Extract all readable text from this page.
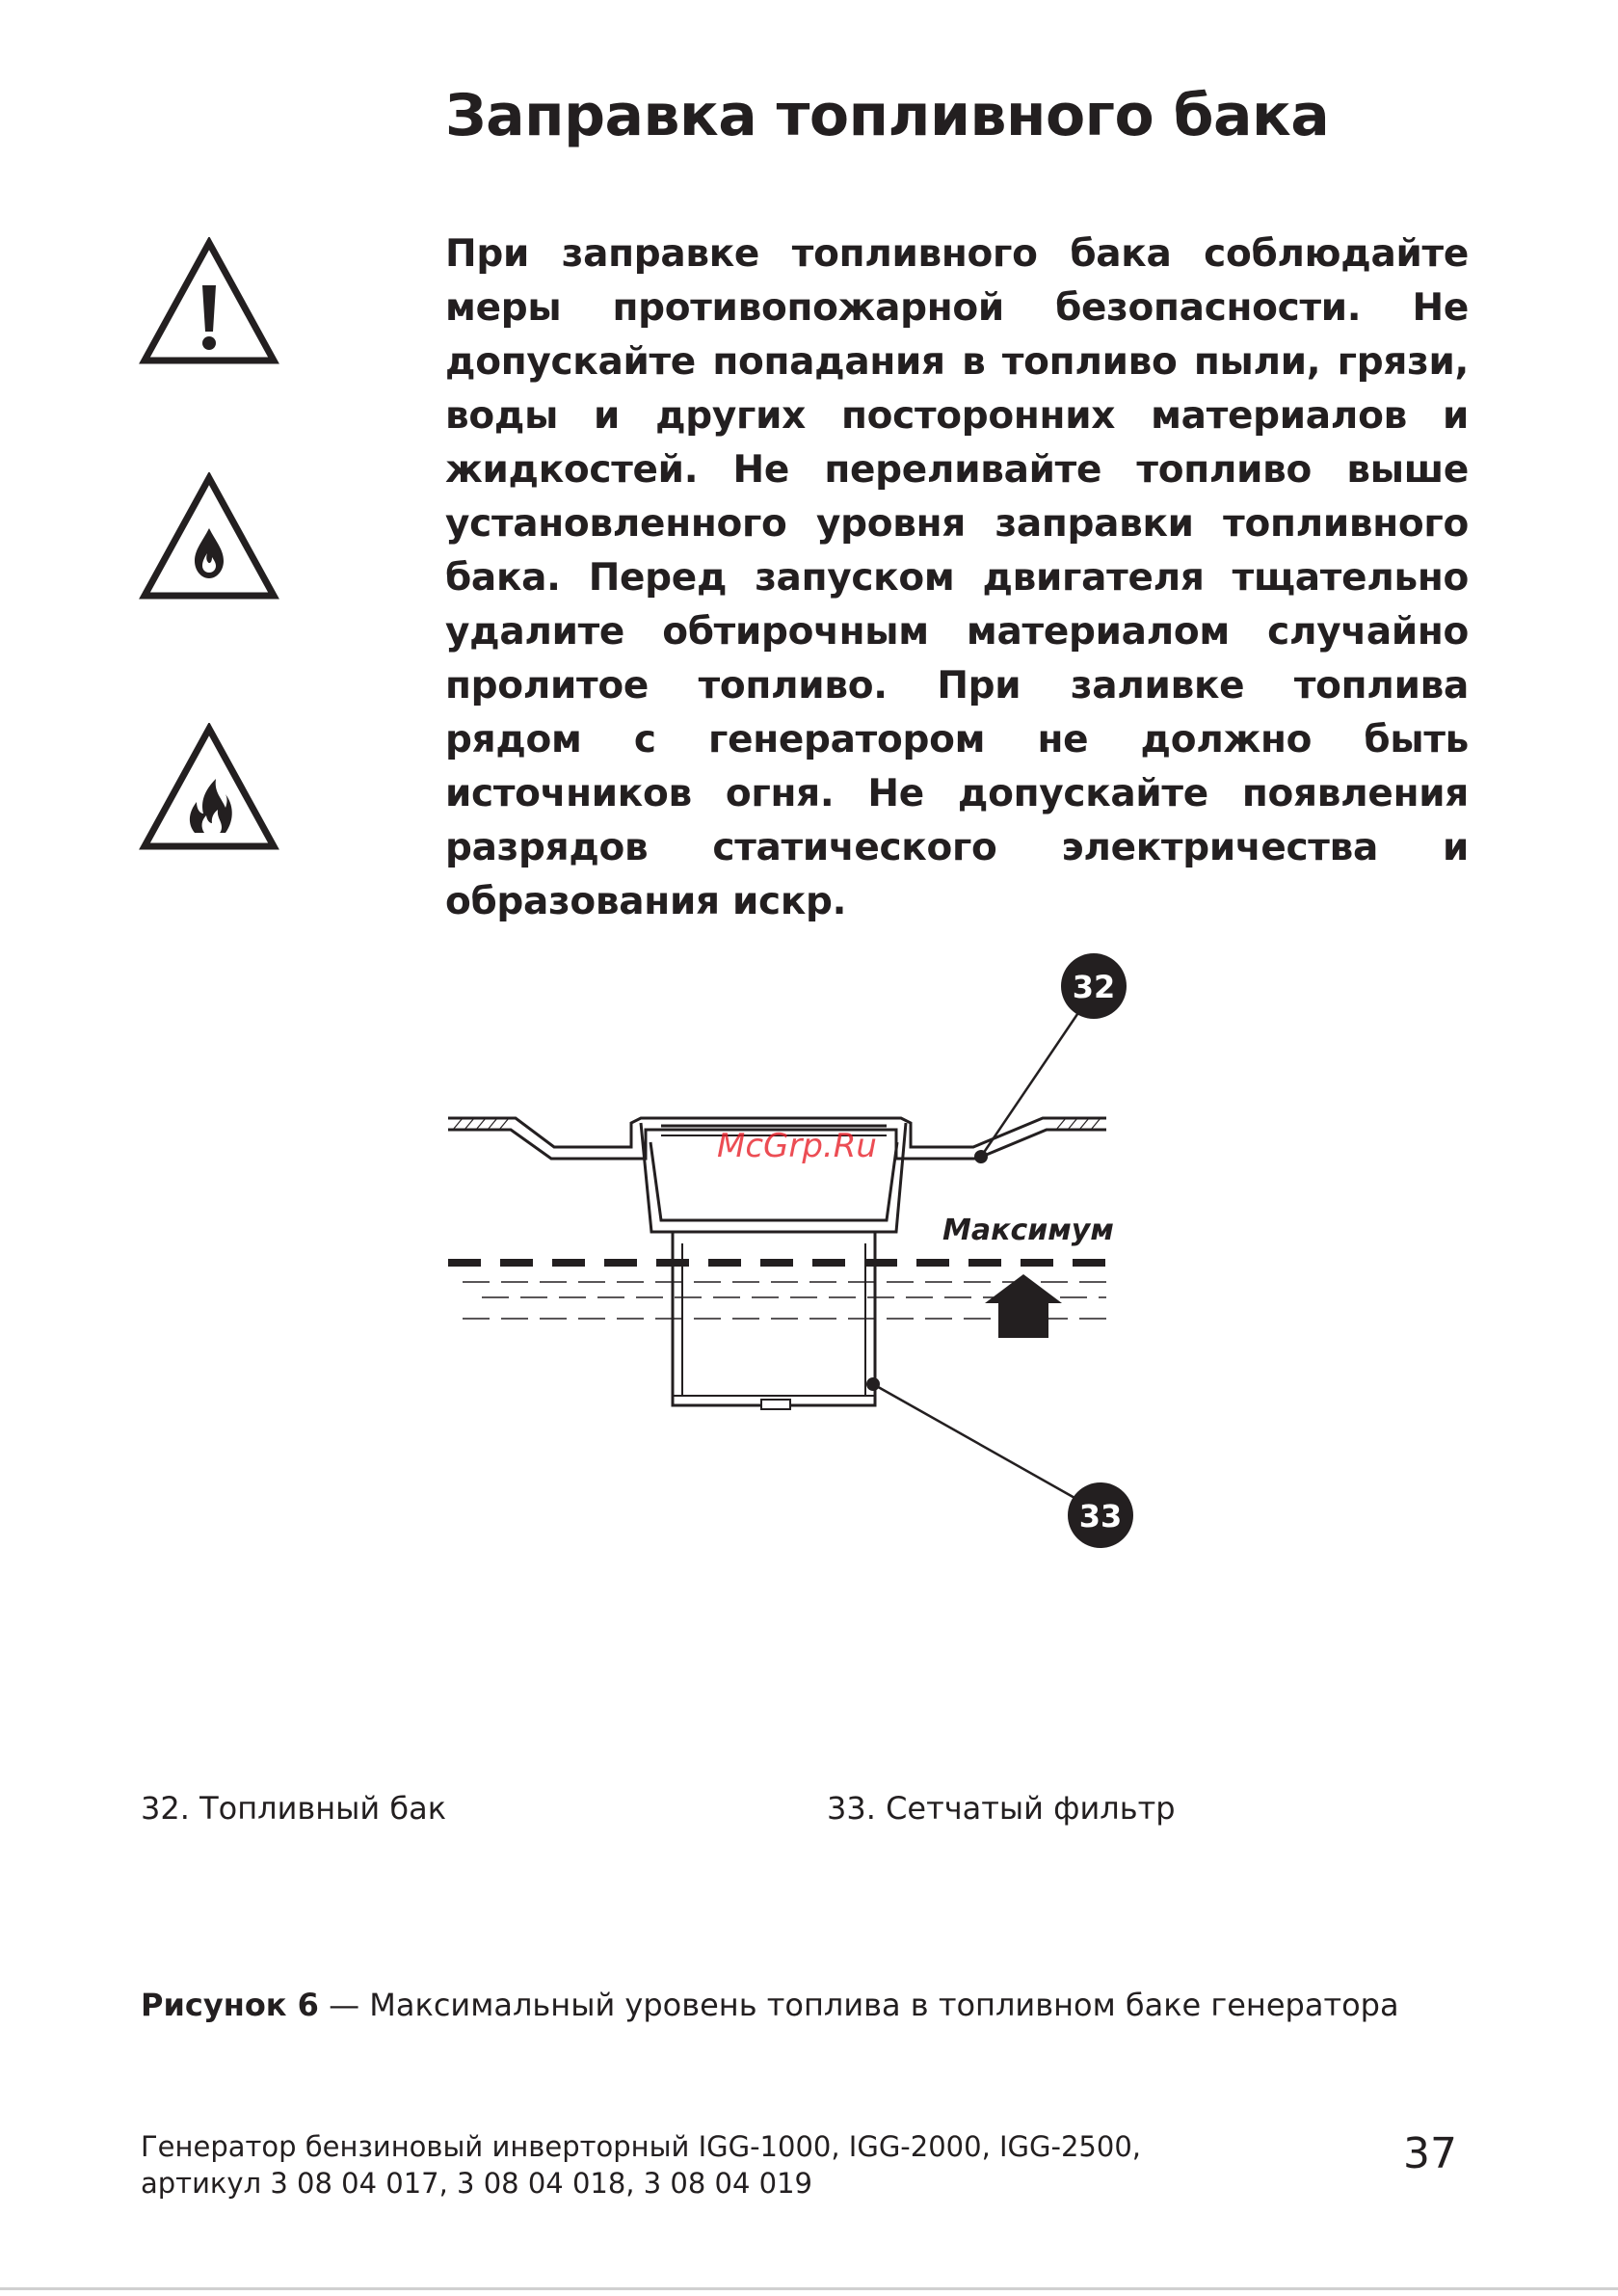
Заправка топливного бака

При заправке топливного бака соблюдайте меры противопожарной безопасности. Не допускайте попадания в топливо пыли, грязи, воды и других посторонних материалов и жидкостей. Не переливайте топливо выше установленного уровня заправки топливного бака. Перед запуском двигателя тщательно удалите обтирочным материалом случайно пролитое топливо. При заливке топлива рядом с генератором не должно быть источников огня. Не допускайте появления разрядов статического электричества и образования искр.

Максимум
McGrp.Ru
32
33
32. Топливный бак	33. Сетчатый фильтр
Рисунок 6 — Максимальный уровень топлива в топливном баке генератора
Генератор бензиновый инверторный IGG-1000, IGG-2000, IGG-2500,
артикул 3 08 04 017, 3 08 04 018, 3 08 04 019
37
